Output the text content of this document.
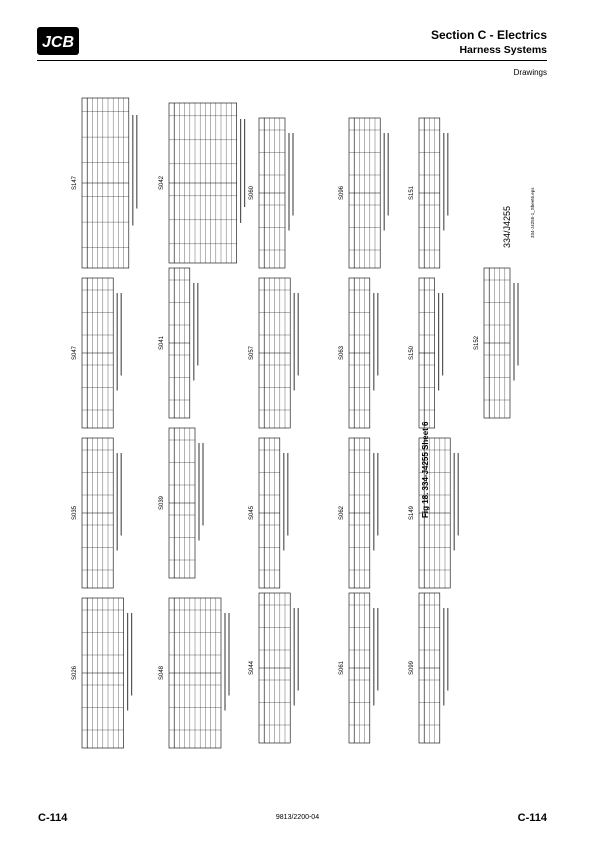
JCB	Section C - Electrics
Harness Systems
Drawings
S026
S035
S047
S147
S048
S039
S041
S042
S044
S045
S057
S060
S061
S062
S063
S096
S099
S149
S150
S151
S152
Fig 18. 334-J4255 Sheet 6
334/J4255	334-J4255-1_Sheet6.eps
C-114	9813/2200-04	C-114
